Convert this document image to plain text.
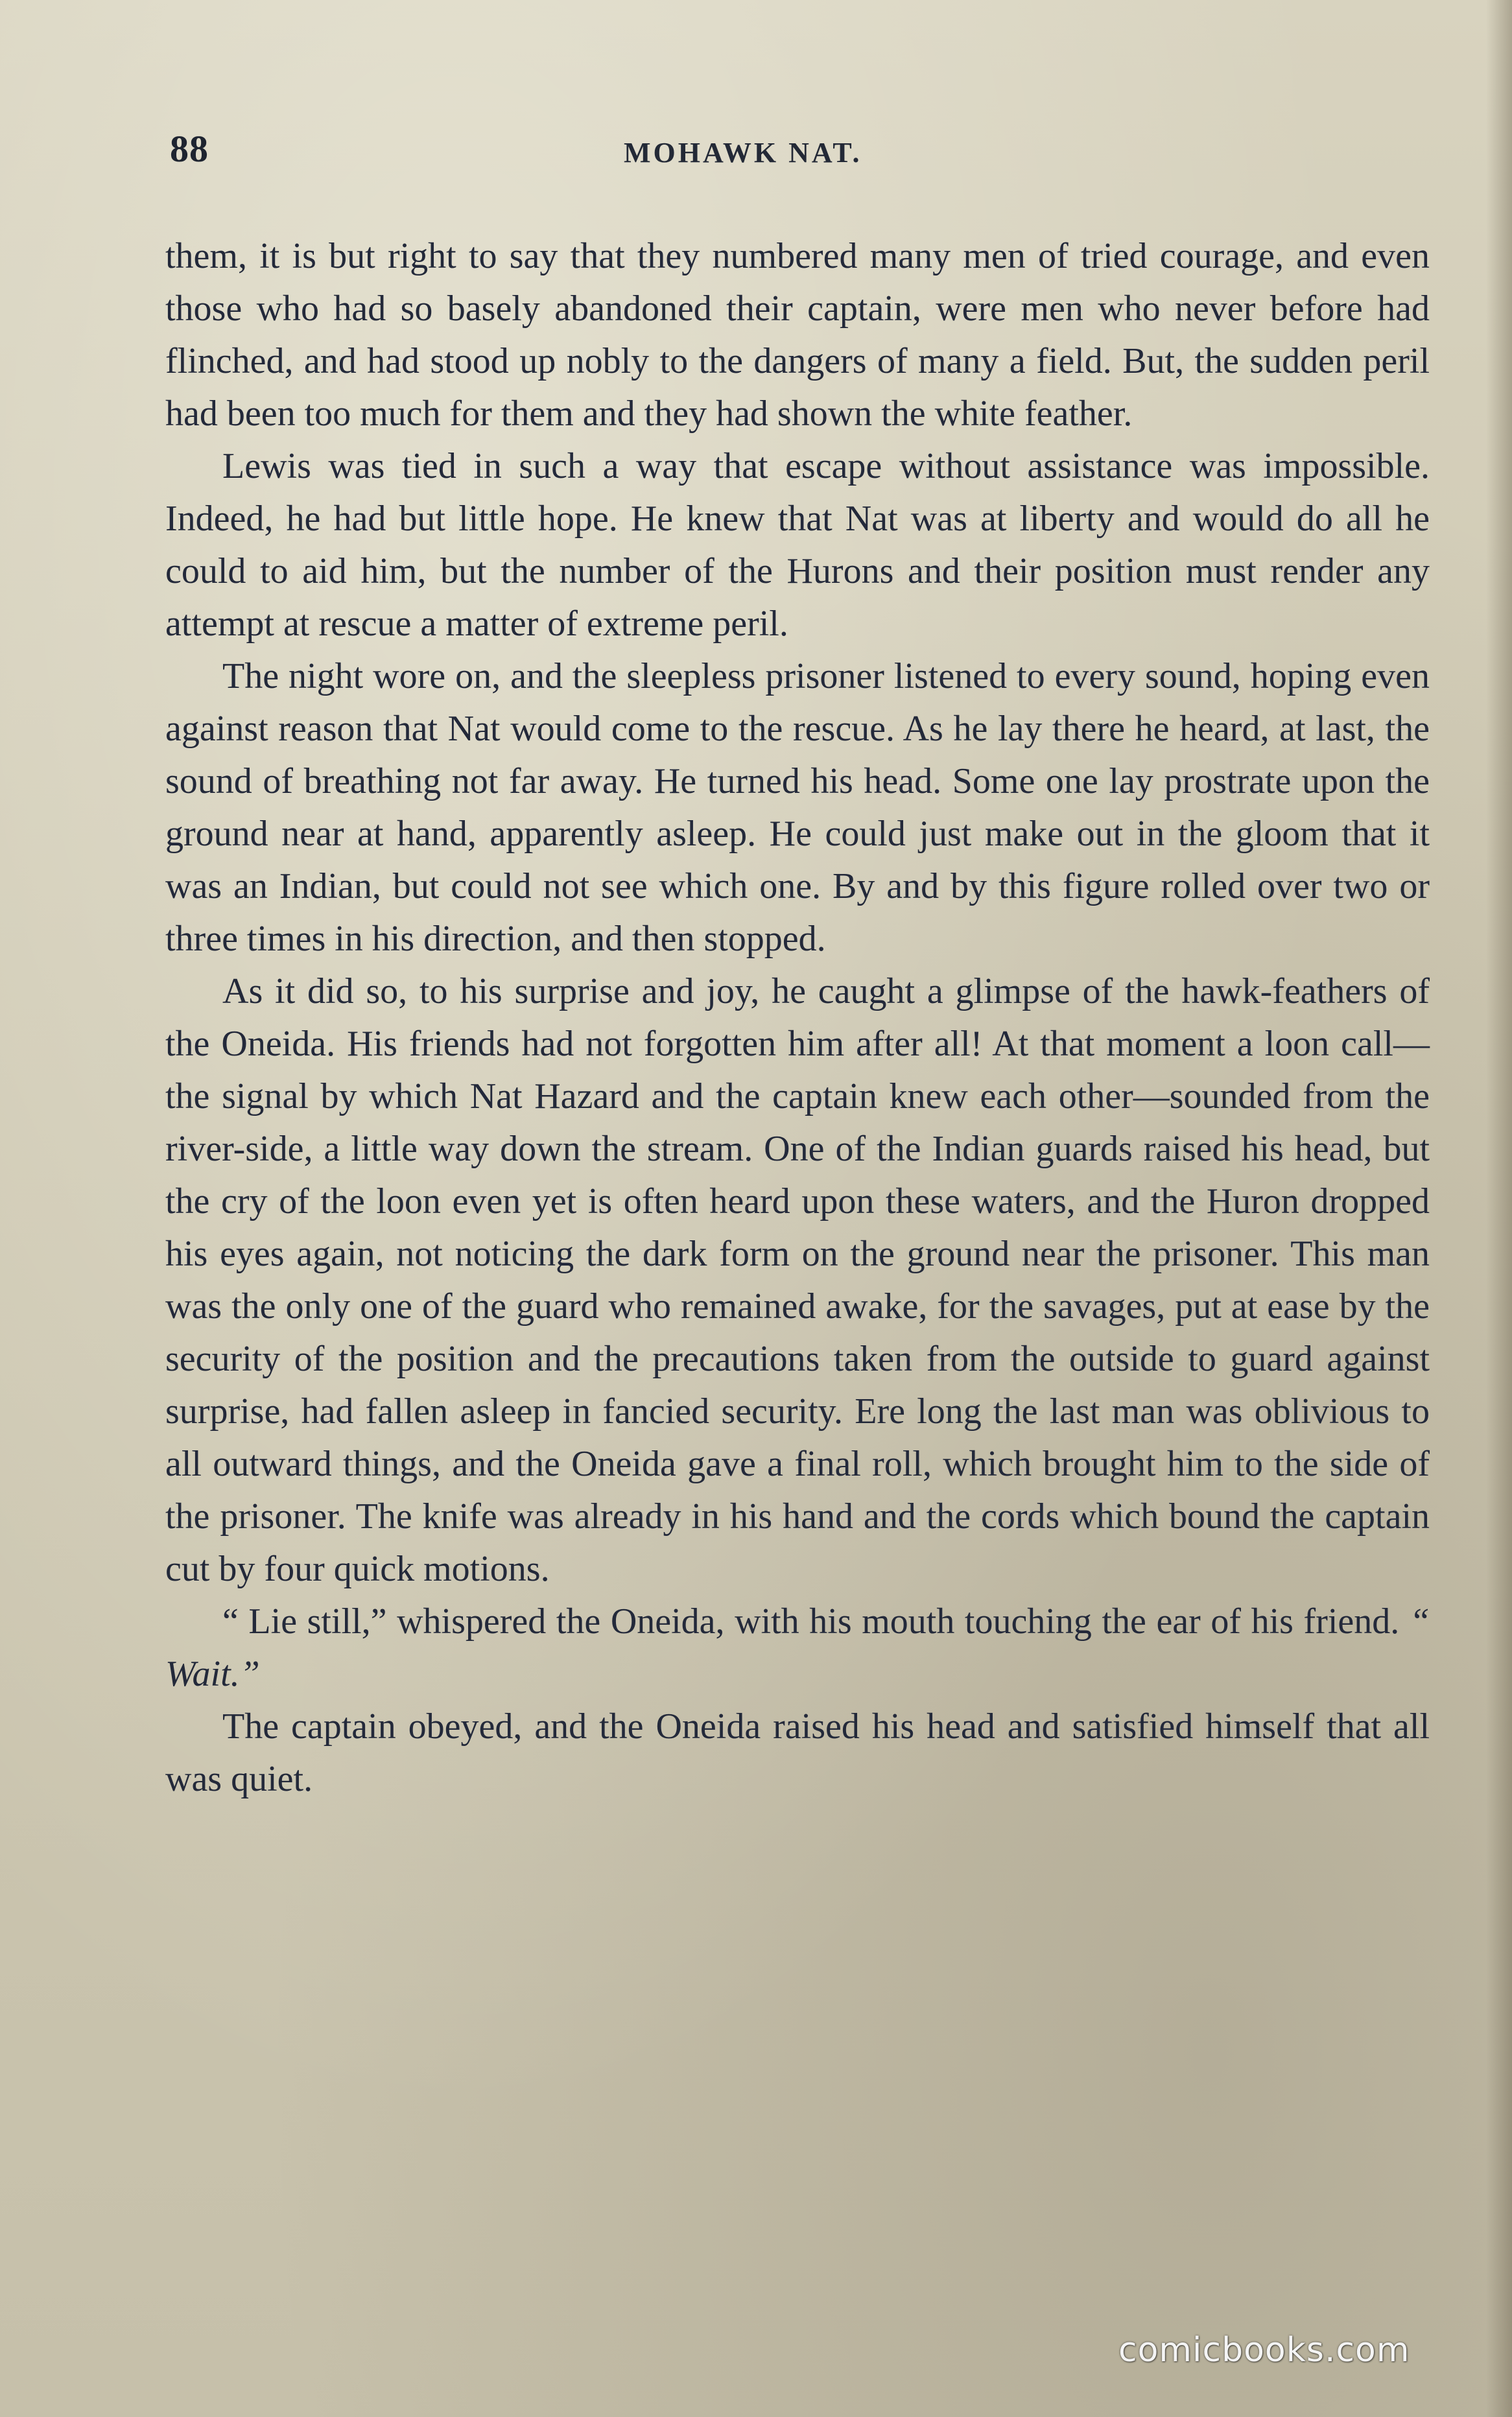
88	MOHAWK NAT.

them, it is but right to say that they numbered many men of tried courage, and even those who had so basely abandoned their captain, were men who never before had flinched, and had stood up nobly to the dangers of many a field. But, the sudden peril had been too much for them and they had shown the white feather.

Lewis was tied in such a way that escape without assistance was impossible. Indeed, he had but little hope. He knew that Nat was at liberty and would do all he could to aid him, but the number of the Hurons and their position must render any attempt at rescue a matter of extreme peril.

The night wore on, and the sleepless prisoner listened to every sound, hoping even against reason that Nat would come to the rescue. As he lay there he heard, at last, the sound of breathing not far away. He turned his head. Some one lay prostrate upon the ground near at hand, apparently asleep. He could just make out in the gloom that it was an Indian, but could not see which one. By and by this figure rolled over two or three times in his direction, and then stopped.

As it did so, to his surprise and joy, he caught a glimpse of the hawk-feathers of the Oneida. His friends had not forgotten him after all! At that moment a loon call—the signal by which Nat Hazard and the captain knew each other—sounded from the river-side, a little way down the stream. One of the Indian guards raised his head, but the cry of the loon even yet is often heard upon these waters, and the Huron dropped his eyes again, not noticing the dark form on the ground near the prisoner. This man was the only one of the guard who remained awake, for the savages, put at ease by the security of the position and the precautions taken from the outside to guard against surprise, had fallen asleep in fancied security. Ere long the last man was oblivious to all outward things, and the Oneida gave a final roll, which brought him to the side of the prisoner. The knife was already in his hand and the cords which bound the captain cut by four quick motions.

“ Lie still,” whispered the Oneida, with his mouth touching the ear of his friend. “ Wait.”

The captain obeyed, and the Oneida raised his head and satisfied himself that all was quiet.

comicbooks.com
